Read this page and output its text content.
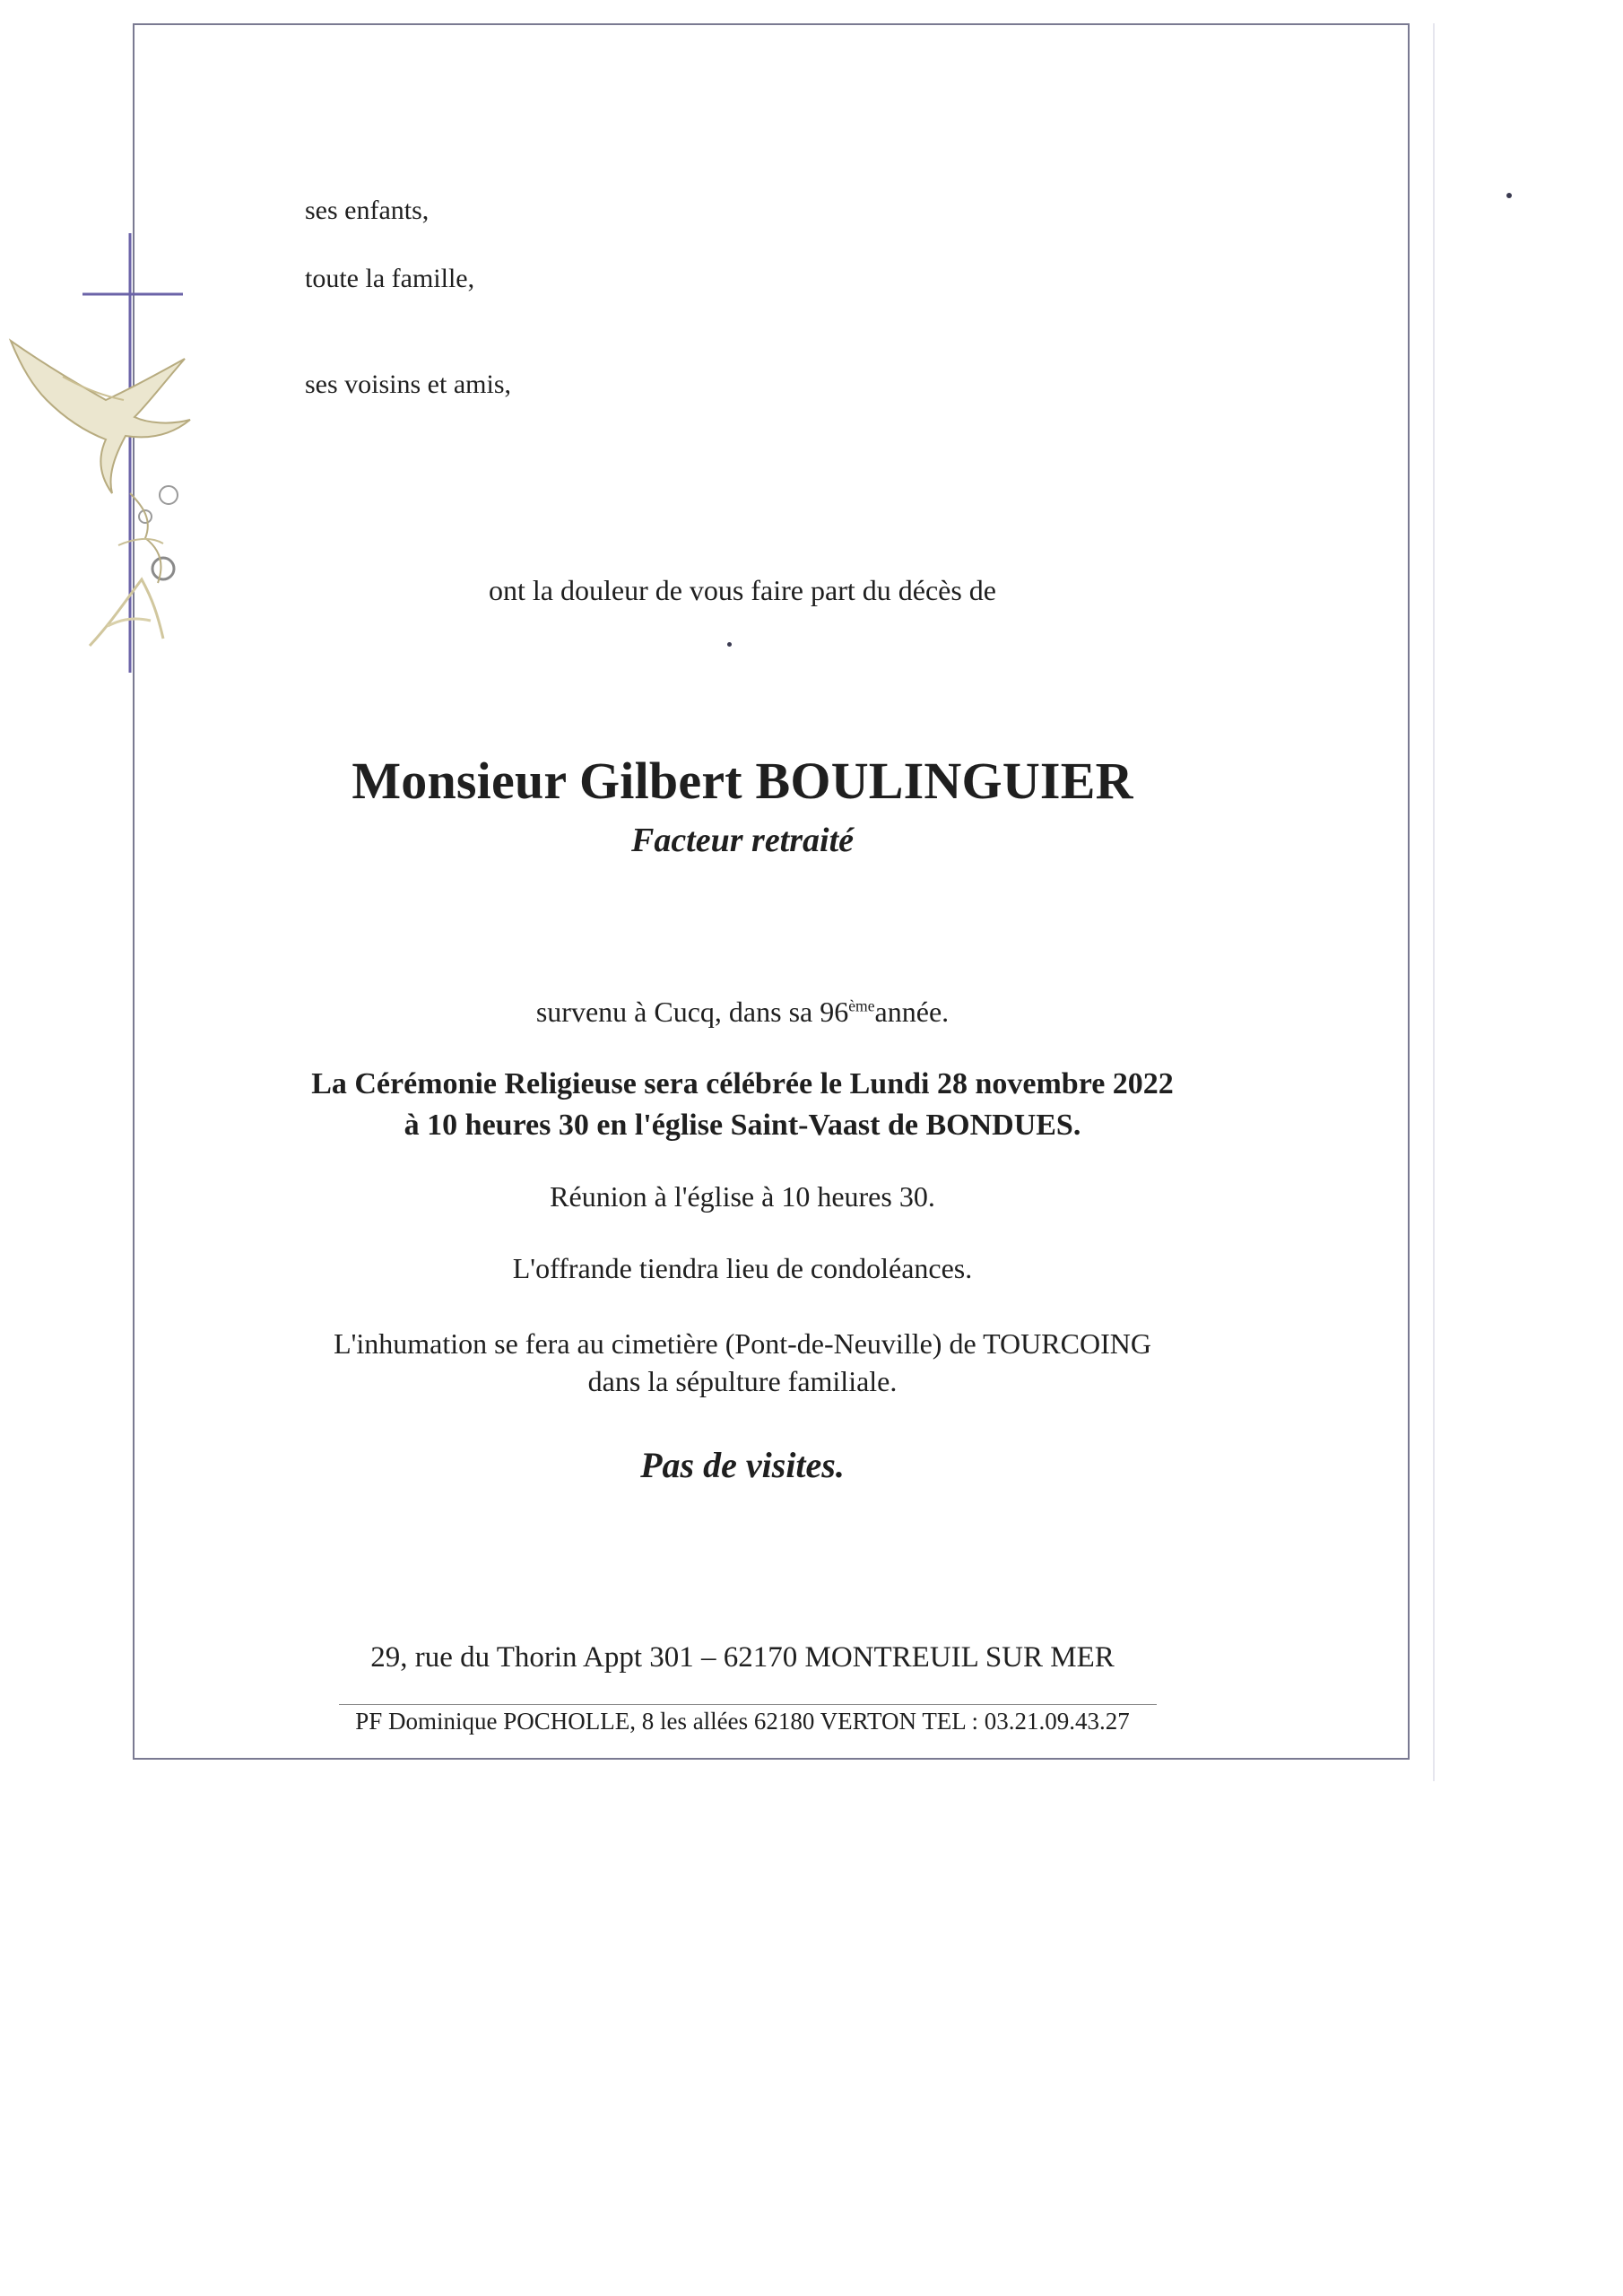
ses enfants,

toute la famille,

ses voisins et amis,

ont la douleur de vous faire part du décès de

Monsieur Gilbert BOULINGUIER

Facteur retraité

survenu à Cucq, dans sa 96èmeannée.

La Cérémonie Religieuse sera célébrée le Lundi 28 novembre 2022

à 10 heures 30 en l'église Saint-Vaast de BONDUES.

Réunion à l'église à 10 heures 30.

L'offrande tiendra lieu de condoléances.

L'inhumation se fera au cimetière (Pont-de-Neuville) de TOURCOING

dans la sépulture familiale.

Pas de visites.

29, rue du Thorin Appt 301 – 62170 MONTREUIL SUR MER

PF Dominique POCHOLLE, 8 les allées 62180 VERTON TEL : 03.21.09.43.27
